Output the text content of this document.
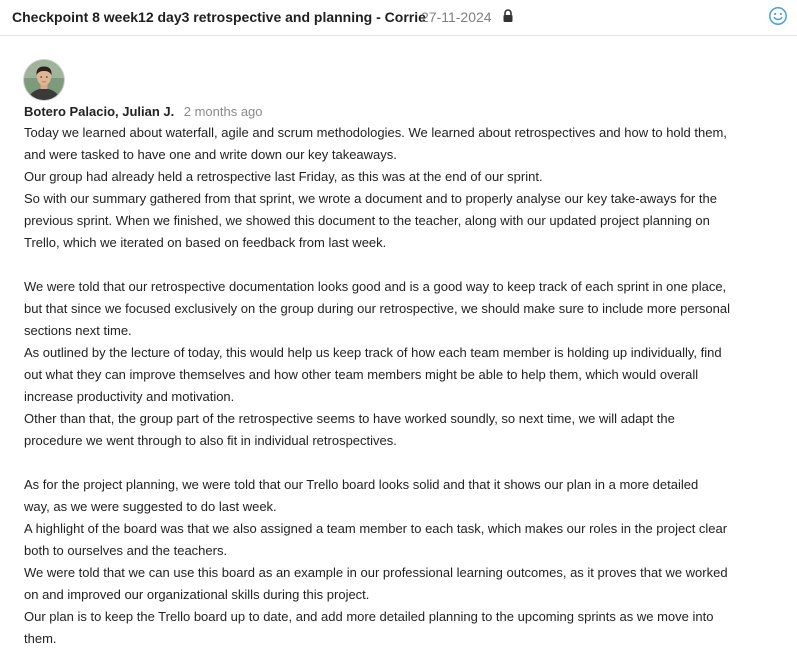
Checkpoint 8 week12 day3 retrospective and planning - Corrie
27-11-2024
Botero Palacio, Julian J. 2 months ago

Today we learned about waterfall, agile and scrum methodologies. We learned about retrospectives and how to hold them,

and were tasked to have one and write down our key takeaways.

Our group had already held a retrospective last Friday, as this was at the end of our sprint.

So with our summary gathered from that sprint, we wrote a document and to properly analyse our key take-aways for the

previous sprint. When we finished, we showed this document to the teacher, along with our updated project planning on

Trello, which we iterated on based on feedback from last week.

We were told that our retrospective documentation looks good and is a good way to keep track of each sprint in one place,

but that since we focused exclusively on the group during our retrospective, we should make sure to include more personal

sections next time.

As outlined by the lecture of today, this would help us keep track of how each team member is holding up individually, find

out what they can improve themselves and how other team members might be able to help them, which would overall

increase productivity and motivation.

Other than that, the group part of the retrospective seems to have worked soundly, so next time, we will adapt the

procedure we went through to also fit in individual retrospectives.

As for the project planning, we were told that our Trello board looks solid and that it shows our plan in a more detailed

way, as we were suggested to do last week.

A highlight of the board was that we also assigned a team member to each task, which makes our roles in the project clear

both to ourselves and the teachers.

We were told that we can use this board as an example in our professional learning outcomes, as it proves that we worked

on and improved our organizational skills during this project.

Our plan is to keep the Trello board up to date, and add more detailed planning to the upcoming sprints as we move into

them.
